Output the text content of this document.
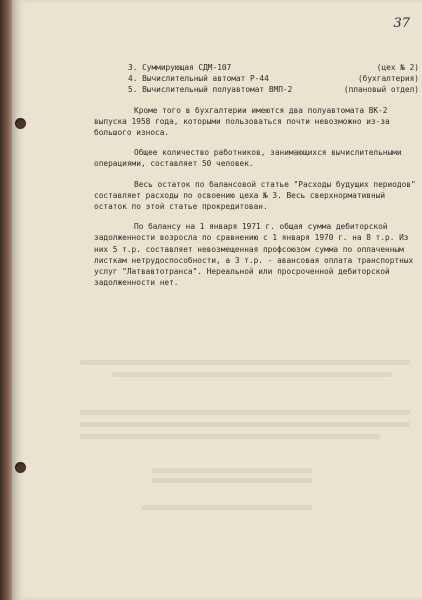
37
3. Суммирующая СДМ-107	(цех № 2)
4. Вычислительный автомат Р-44	(бухгалтерия)
5. Вычислительный полуавтомат ВМП-2	(плановый отдел)

Кроме того в бухгалтерии имеются два полуавтомата ВК-2 выпуска 1958 года, которыми пользоваться почти невозможно из-за большого износа.

Общее количество работников, занимающихся вычислительными операциями, составляет 50 человек.

Весь остаток по балансовой статье "Расходы будущих периодов" составляет расходы по освоению цеха № 3. Весь сверхнормативный остаток по этой статье прокредитован.

По балансу на 1 января 1971 г. общая сумма дебиторской задолженности возросла по сравнению с 1 января 1970 г. на 8 т.р. Из них 5 т.р. составляет невозмещенная профсоюзом сумма по оплаченным листкам нетрудоспособности, а 3 т.р. - авансовая оплата транспортных услуг "Латвавтотранса". Нереальной или просроченной дебиторской задолженности нет.
